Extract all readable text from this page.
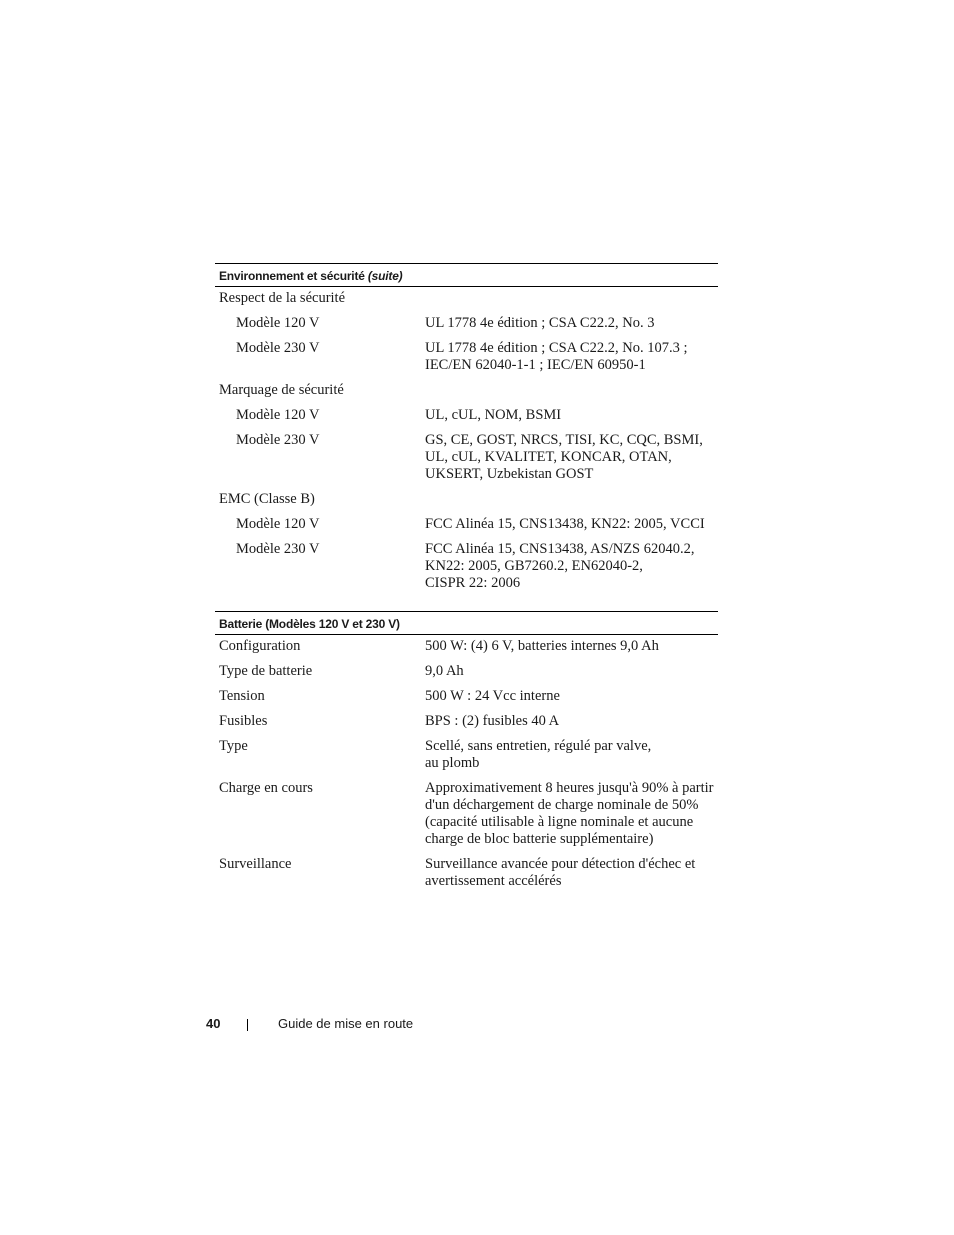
Environnement et sécurité (suite)
Respect de la sécurité
Modèle 120 V	UL 1778 4e édition ; CSA C22.2, No. 3
Modèle 230 V	UL 1778 4e édition ; CSA C22.2, No. 107.3 ;
IEC/EN 62040-1-1 ; IEC/EN 60950-1
Marquage de sécurité
Modèle 120 V	UL, cUL, NOM, BSMI
Modèle 230 V	GS, CE, GOST, NRCS, TISI, KC, CQC, BSMI,
UL, cUL, KVALITET, KONCAR, OTAN,
UKSERT, Uzbekistan GOST
EMC (Classe B)
Modèle 120 V	FCC Alinéa 15, CNS13438, KN22: 2005, VCCI
Modèle 230 V	FCC Alinéa 15, CNS13438, AS/NZS 62040.2,
KN22: 2005, GB7260.2, EN62040-2,
CISPR 22: 2006
Batterie (Modèles 120 V et 230 V)
Configuration	500 W: (4) 6 V, batteries internes 9,0 Ah
Type de batterie	9,0 Ah
Tension	500 W : 24 Vcc interne
Fusibles	BPS : (2) fusibles 40 A
Type	Scellé, sans entretien, régulé par valve,
au plomb
Charge en cours	Approximativement 8 heures jusqu'à 90% à partir
d'un déchargement de charge nominale de 50%
(capacité utilisable à ligne nominale et aucune
charge de bloc batterie supplémentaire)
Surveillance	Surveillance avancée pour détection d'échec et
avertissement accélérés
40	Guide de mise en route
